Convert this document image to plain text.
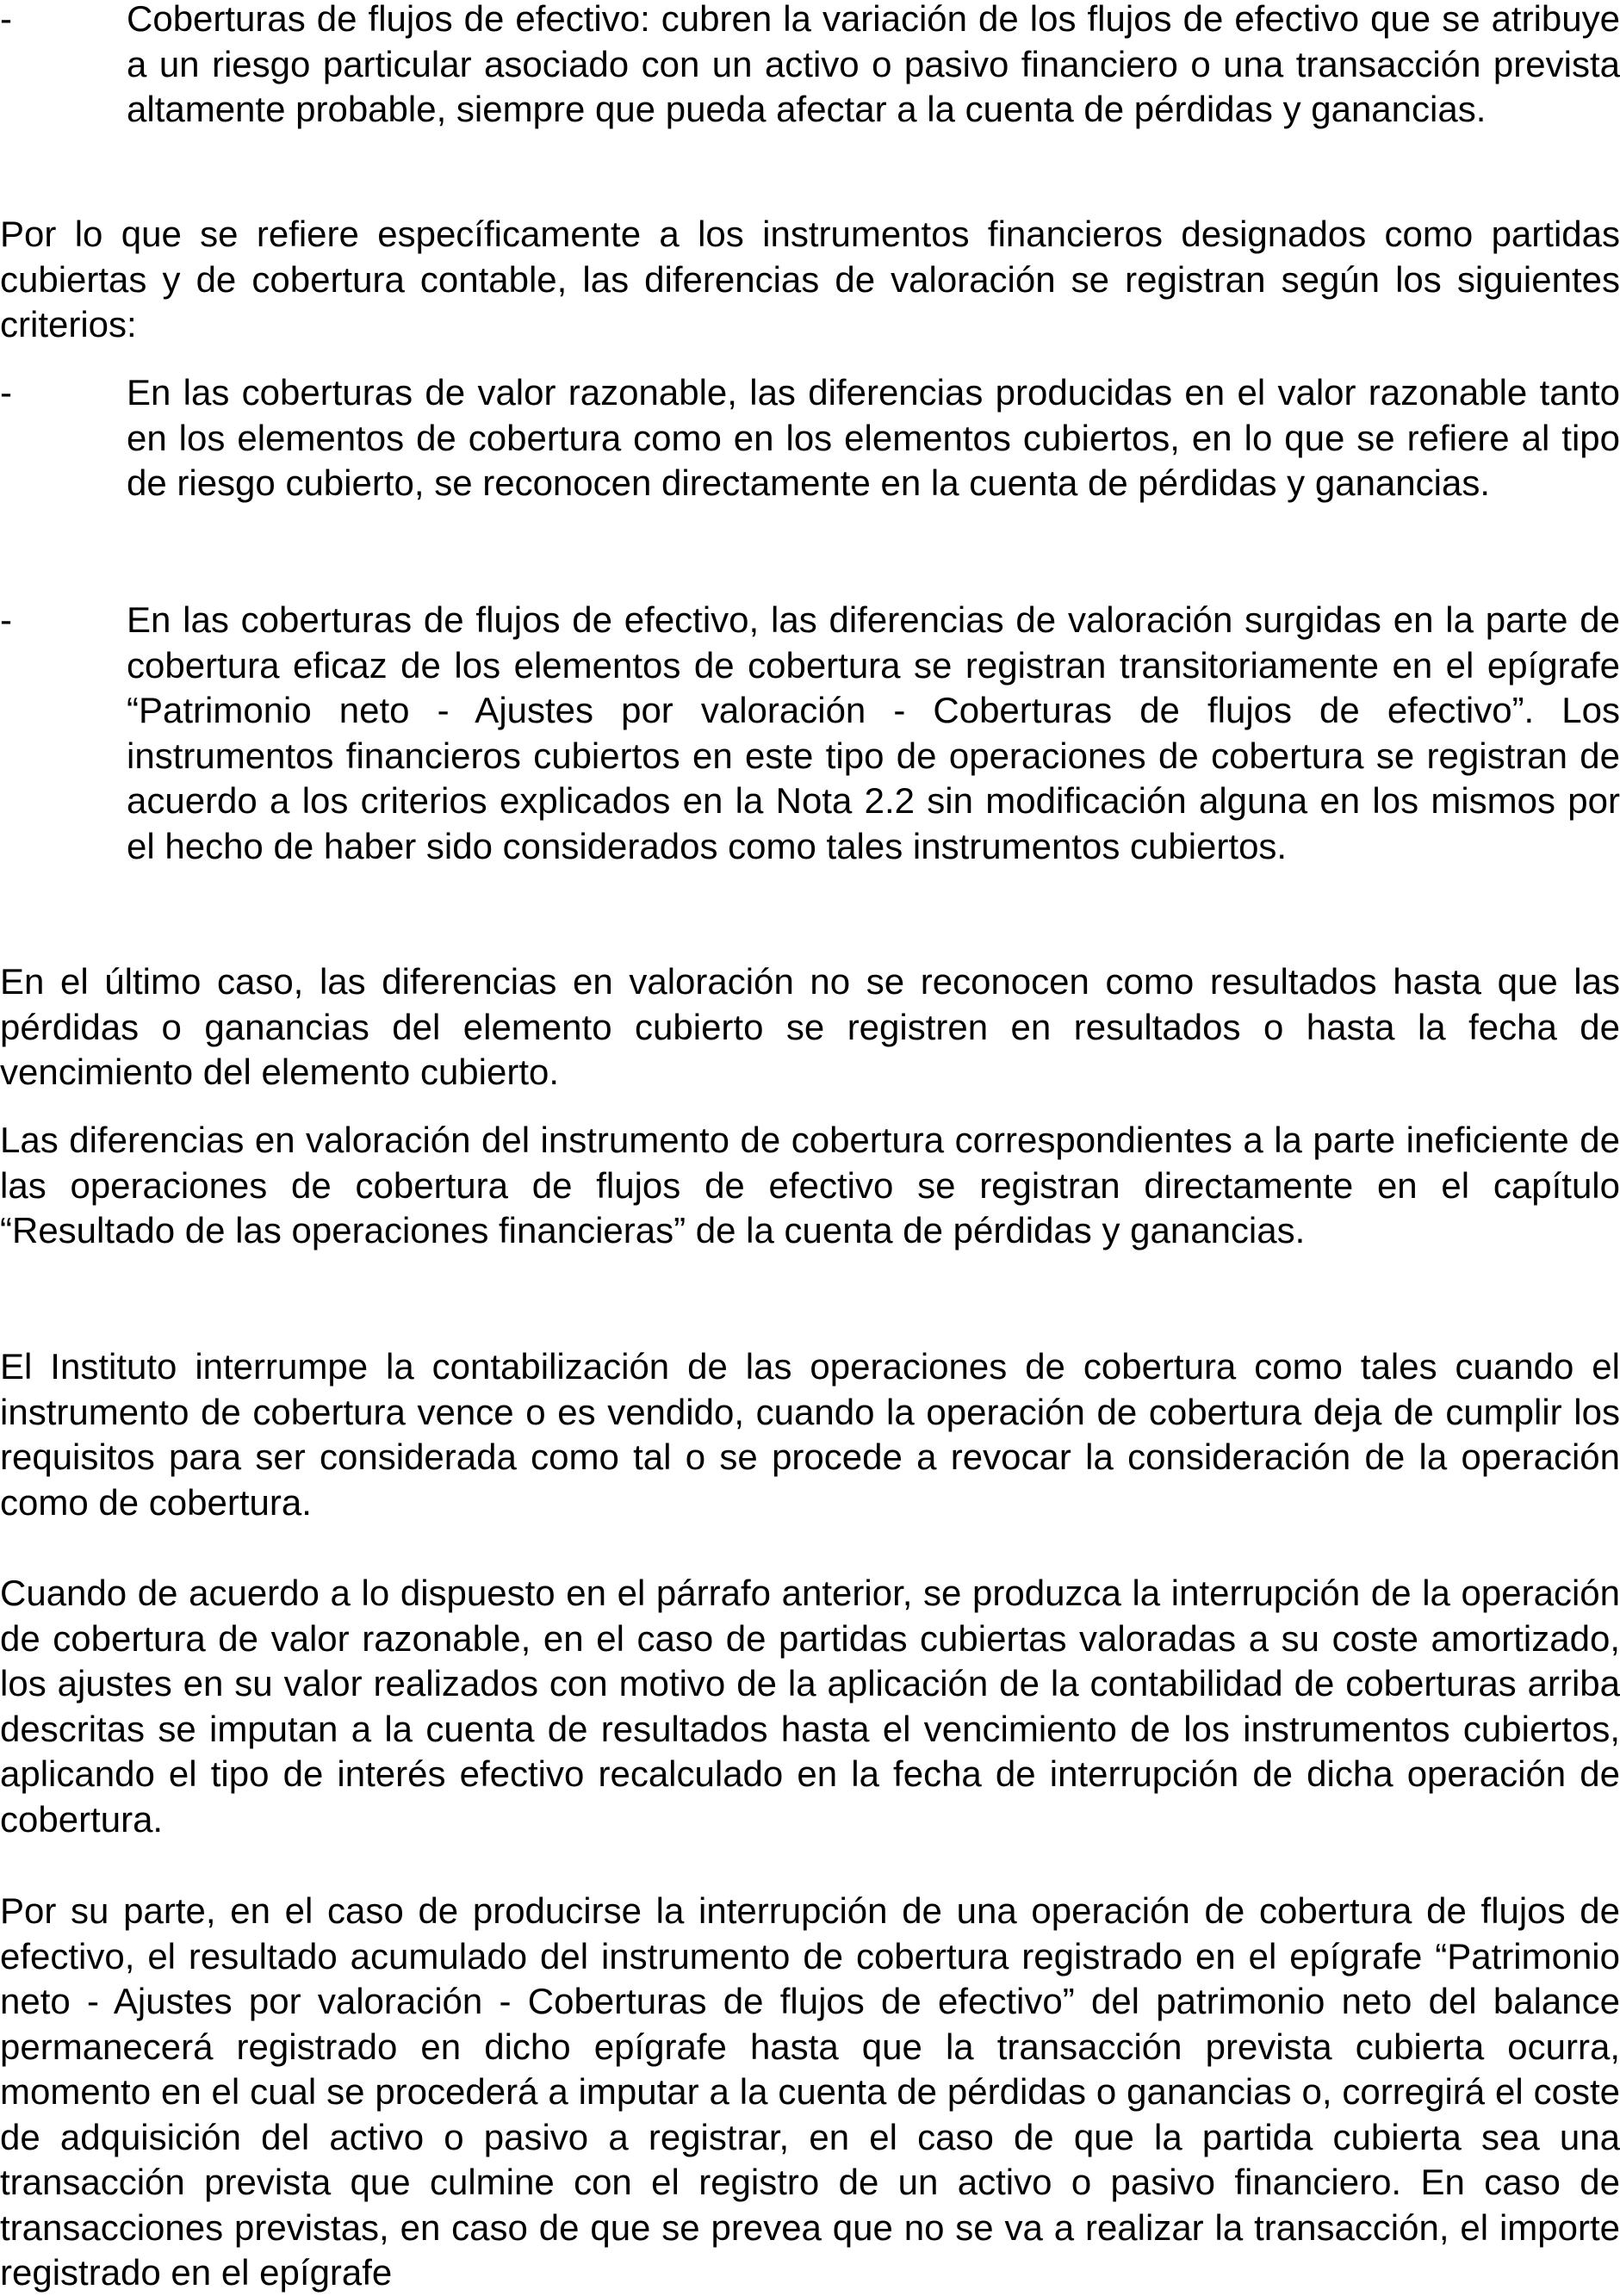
-	Coberturas de flujos de efectivo: cubren la variación de los flujos de efectivo que se atribuye a un riesgo particular asociado con un activo o pasivo financiero o una transacción prevista altamente probable, siempre que pueda afectar a la cuenta de pérdidas y ganancias.

Por lo que se refiere específicamente a los instrumentos financieros designados como partidas cubiertas y de cobertura contable, las diferencias de valoración se registran según los siguientes criterios:

-	En las coberturas de valor razonable, las diferencias producidas en el valor razonable tanto en los elementos de cobertura como en los elementos cubiertos, en lo que se refiere al tipo de riesgo cubierto, se reconocen directamente en la cuenta de pérdidas y ganancias.

-	En las coberturas de flujos de efectivo, las diferencias de valoración surgidas en la parte de cobertura eficaz de los elementos de cobertura se registran transitoriamente en el epígrafe “Patrimonio neto - Ajustes por valoración - Coberturas de flujos de efectivo”. Los instrumentos financieros cubiertos en este tipo de operaciones de cobertura se registran de acuerdo a los criterios explicados en la Nota 2.2 sin modificación alguna en los mismos por el hecho de haber sido considerados como tales instrumentos cubiertos.

En el último caso, las diferencias en valoración no se reconocen como resultados hasta que las pérdidas o ganancias del elemento cubierto se registren en resultados o hasta la fecha de vencimiento del elemento cubierto.

Las diferencias en valoración del instrumento de cobertura correspondientes a la parte ineficiente de las operaciones de cobertura de flujos de efectivo se registran directamente en el capítulo “Resultado de las operaciones financieras” de la cuenta de pérdidas y ganancias.

El Instituto interrumpe la contabilización de las operaciones de cobertura como tales cuando el instrumento de cobertura vence o es vendido, cuando la operación de cobertura deja de cumplir los requisitos para ser considerada como tal o se procede a revocar la consideración de la operación como de cobertura.

Cuando de acuerdo a lo dispuesto en el párrafo anterior, se produzca la interrupción de la operación de cobertura de valor razonable, en el caso de partidas cubiertas valoradas a su coste amortizado, los ajustes en su valor realizados con motivo de la aplicación de la contabilidad de coberturas arriba descritas se imputan a la cuenta de resultados hasta el vencimiento de los instrumentos cubiertos, aplicando el tipo de interés efectivo recalculado en la fecha de interrupción de dicha operación de cobertura.

Por su parte, en el caso de producirse la interrupción de una operación de cobertura de flujos de efectivo, el resultado acumulado del instrumento de cobertura registrado en el epígrafe “Patrimonio neto - Ajustes por valoración - Coberturas de flujos de efectivo” del patrimonio neto del balance permanecerá registrado en dicho epígrafe hasta que la transacción prevista cubierta ocurra, momento en el cual se procederá a imputar a la cuenta de pérdidas o ganancias o, corregirá el coste de adquisición del activo o pasivo a registrar, en el caso de que la partida cubierta sea una transacción prevista que culmine con el registro de un activo o pasivo financiero. En caso de transacciones previstas, en caso de que se prevea que no se va a realizar la transacción, el importe registrado en el epígrafe
